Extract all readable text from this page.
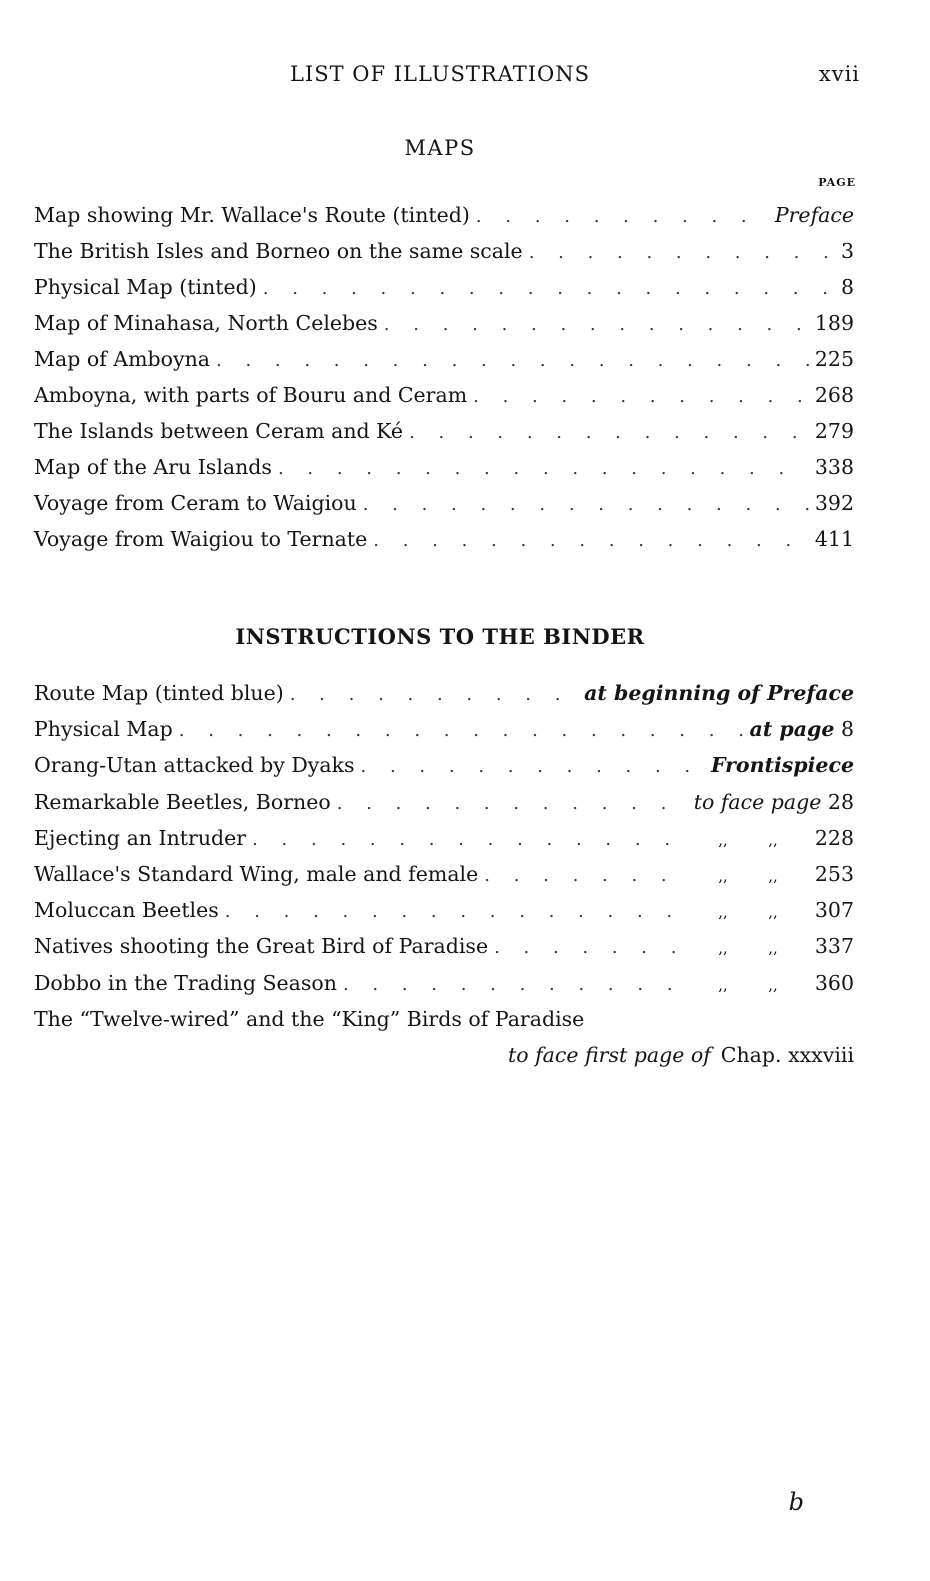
LIST OF ILLUSTRATIONS	xvii
MAPS
PAGE
Map showing Mr. Wallace's Route (tinted) . . .	Preface
The British Isles and Borneo on the same scale . . .	3
Physical Map (tinted) . . .	8
Map of Minahasa, North Celebes . . .	189
Map of Amboyna . . .	225
Amboyna, with parts of Bouru and Ceram . . .	268
The Islands between Ceram and Ké . . .	279
Map of the Aru Islands . . .	338
Voyage from Ceram to Waigiou . . .	392
Voyage from Waigiou to Ternate . . .	411
INSTRUCTIONS TO THE BINDER
Route Map (tinted blue) . . .	at beginning of Preface
Physical Map . . .	at page 8
Orang-Utan attacked by Dyaks . . .	Frontispiece
Remarkable Beetles, Borneo . . .	to face page 28
Ejecting an Intruder . . .	,,	,,	228
Wallace's Standard Wing, male and female . . .	,,	,,	253
Moluccan Beetles . . .	,,	,,	307
Natives shooting the Great Bird of Paradise . . .	,,	,,	337
Dobbo in the Trading Season . . .	,,	,,	360
The “Twelve-wired” and the “King” Birds of Paradise
to face first page of Chap. xxxviii
b
